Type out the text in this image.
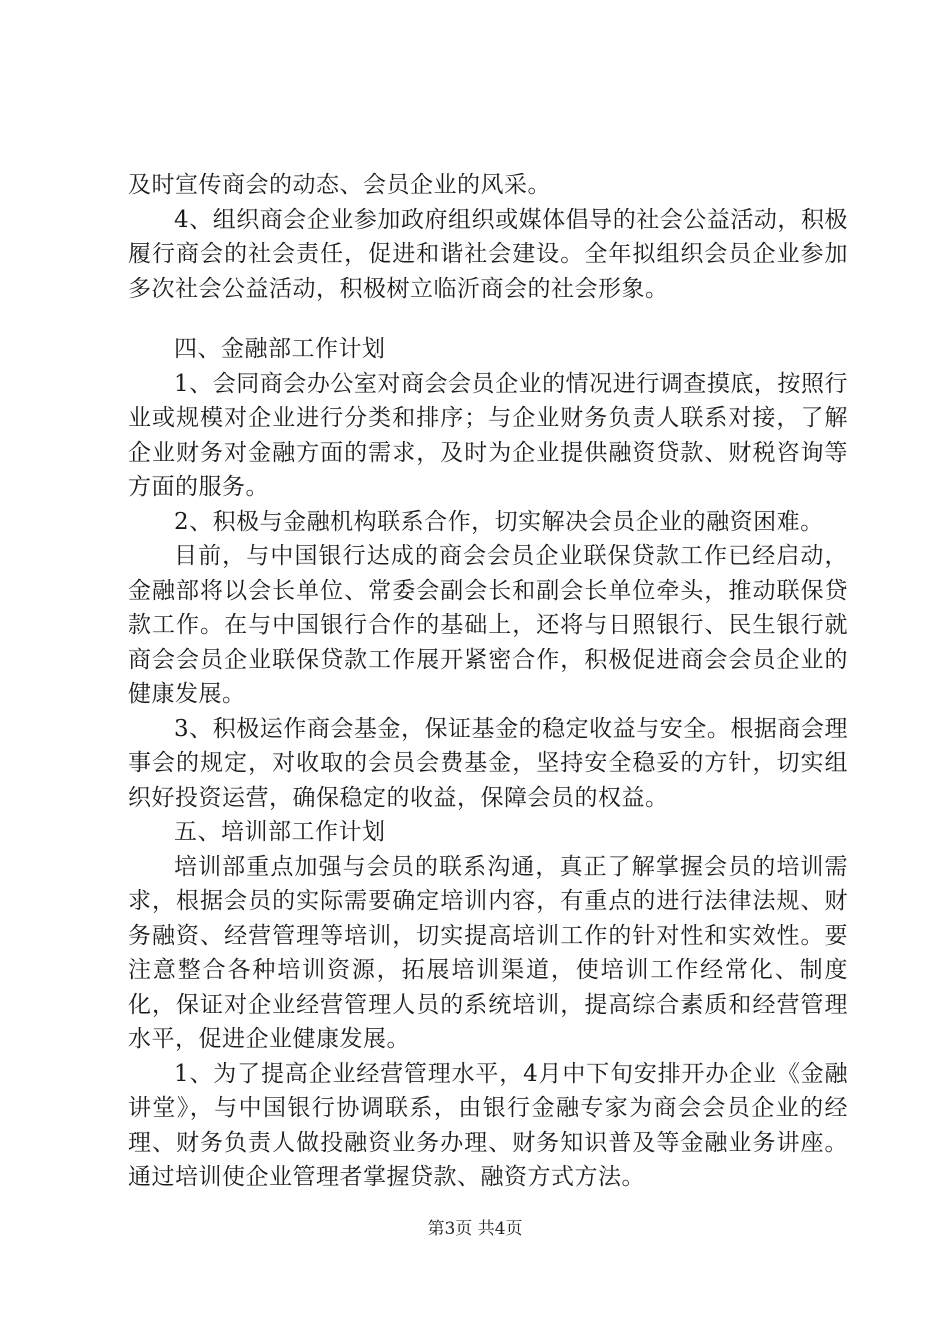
及时宣传商会的动态、会员企业的风采。

4、组织商会企业参加政府组织或媒体倡导的社会公益活动，积极履行商会的社会责任，促进和谐社会建设。全年拟组织会员企业参加多次社会公益活动，积极树立临沂商会的社会形象。

四、金融部工作计划

1、会同商会办公室对商会会员企业的情况进行调查摸底，按照行业或规模对企业进行分类和排序；与企业财务负责人联系对接，了解企业财务对金融方面的需求，及时为企业提供融资贷款、财税咨询等方面的服务。

2、积极与金融机构联系合作，切实解决会员企业的融资困难。

目前，与中国银行达成的商会会员企业联保贷款工作已经启动，金融部将以会长单位、常委会副会长和副会长单位牵头，推动联保贷款工作。在与中国银行合作的基础上，还将与日照银行、民生银行就商会会员企业联保贷款工作展开紧密合作，积极促进商会会员企业的健康发展。

3、积极运作商会基金，保证基金的稳定收益与安全。根据商会理事会的规定，对收取的会员会费基金，坚持安全稳妥的方针，切实组织好投资运营，确保稳定的收益，保障会员的权益。

五、培训部工作计划

培训部重点加强与会员的联系沟通，真正了解掌握会员的培训需求，根据会员的实际需要确定培训内容，有重点的进行法律法规、财务融资、经营管理等培训，切实提高培训工作的针对性和实效性。要注意整合各种培训资源，拓展培训渠道，使培训工作经常化、制度化，保证对企业经营管理人员的系统培训，提高综合素质和经营管理水平，促进企业健康发展。

1、为了提高企业经营管理水平，4月中下旬安排开办企业《金融讲堂》，与中国银行协调联系，由银行金融专家为商会会员企业的经理、财务负责人做投融资业务办理、财务知识普及等金融业务讲座。通过培训使企业管理者掌握贷款、融资方式方法。

第3页 共4页
